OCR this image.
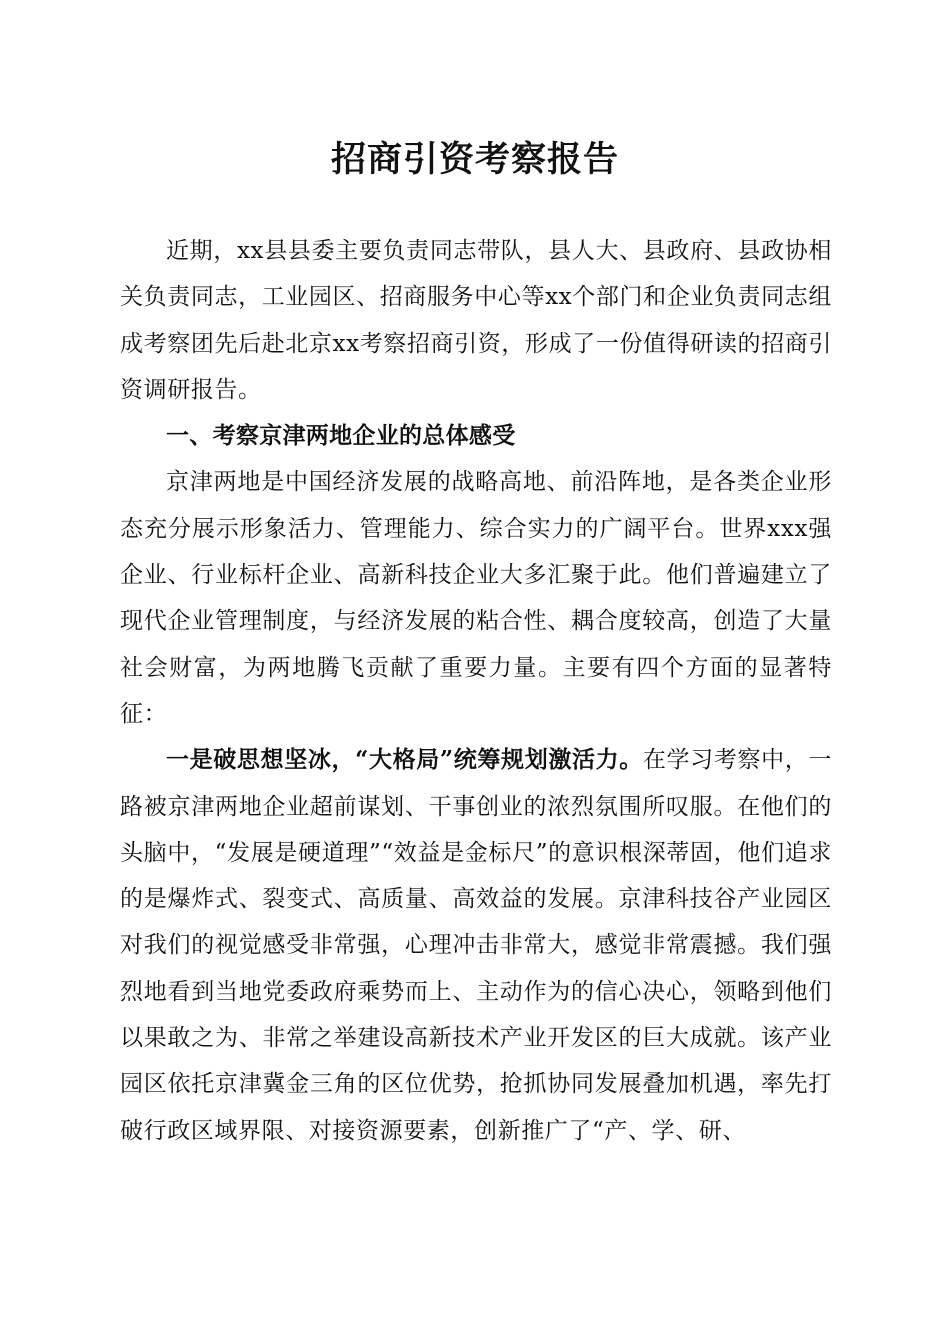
招商引资考察报告

近期，xx县县委主要负责同志带队，县人大、县政府、县政协相关负责同志，工业园区、招商服务中心等xx个部门和企业负责同志组成考察团先后赴北京xx考察招商引资，形成了一份值得研读的招商引资调研报告。

一、考察京津两地企业的总体感受

京津两地是中国经济发展的战略高地、前沿阵地，是各类企业形态充分展示形象活力、管理能力、综合实力的广阔平台。世界xxx强企业、行业标杆企业、高新科技企业大多汇聚于此。他们普遍建立了现代企业管理制度，与经济发展的粘合性、耦合度较高，创造了大量社会财富，为两地腾飞贡献了重要力量。主要有四个方面的显著特征：

一是破思想坚冰，“大格局”统筹规划激活力。在学习考察中，一路被京津两地企业超前谋划、干事创业的浓烈氛围所叹服。在他们的头脑中，“发展是硬道理”“效益是金标尺”的意识根深蒂固，他们追求的是爆炸式、裂变式、高质量、高效益的发展。京津科技谷产业园区对我们的视觉感受非常强，心理冲击非常大，感觉非常震撼。我们强烈地看到当地党委政府乘势而上、主动作为的信心决心，领略到他们以果敢之为、非常之举建设高新技术产业开发区的巨大成就。该产业园区依托京津冀金三角的区位优势，抢抓协同发展叠加机遇，率先打破行政区域界限、对接资源要素，创新推广了“产、学、研、
